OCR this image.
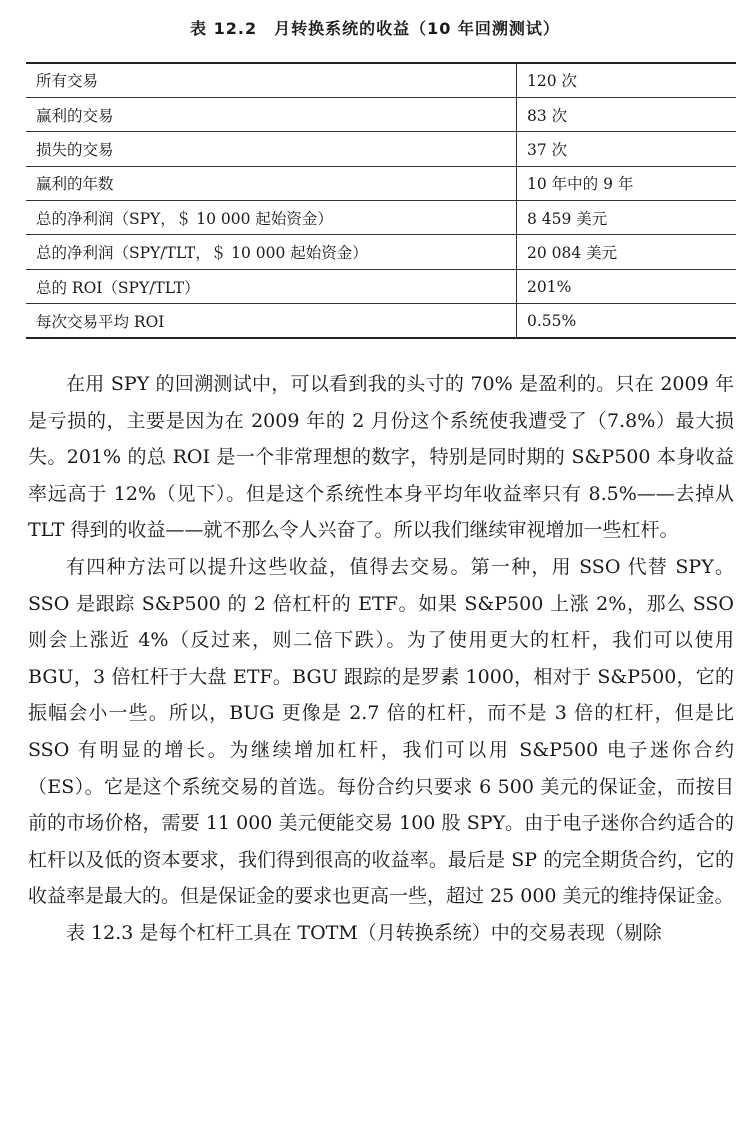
表 12.2　月转换系统的收益（10 年回溯测试）
所有交易	120 次
赢利的交易	83 次
损失的交易	37 次
赢利的年数	10 年中的 9 年
总的净利润（SPY，＄ 10 000 起始资金）	8 459 美元
总的净利润（SPY/TLT，＄ 10 000 起始资金）	20 084 美元
总的 ROI（SPY/TLT）	201%
每次交易平均 ROI	0.55%

在用 SPY 的回溯测试中，可以看到我的头寸的 70% 是盈利的。只在 2009 年是亏损的，主要是因为在 2009 年的 2 月份这个系统使我遭受了（7.8%）最大损失。201% 的总 ROI 是一个非常理想的数字，特别是同时期的 S&P500 本身收益率远高于 12%（见下）。但是这个系统性本身平均年收益率只有 8.5%——去掉从 TLT 得到的收益——就不那么令人兴奋了。所以我们继续审视增加一些杠杆。

有四种方法可以提升这些收益，值得去交易。第一种，用 SSO 代替 SPY。SSO 是跟踪 S&P500 的 2 倍杠杆的 ETF。如果 S&P500 上涨 2%，那么 SSO 则会上涨近 4%（反过来，则二倍下跌）。为了使用更大的杠杆，我们可以使用 BGU，3 倍杠杆于大盘 ETF。BGU 跟踪的是罗素 1000，相对于 S&P500，它的振幅会小一些。所以，BUG 更像是 2.7 倍的杠杆，而不是 3 倍的杠杆，但是比 SSO 有明显的增长。为继续增加杠杆，我们可以用 S&P500 电子迷你合约（ES）。它是这个系统交易的首选。每份合约只要求 6 500 美元的保证金，而按目前的市场价格，需要 11 000 美元便能交易 100 股 SPY。由于电子迷你合约适合的杠杆以及低的资本要求，我们得到很高的收益率。最后是 SP 的完全期货合约，它的收益率是最大的。但是保证金的要求也更高一些，超过 25 000 美元的维持保证金。

表 12.3 是每个杠杆工具在 TOTM（月转换系统）中的交易表现（剔除
